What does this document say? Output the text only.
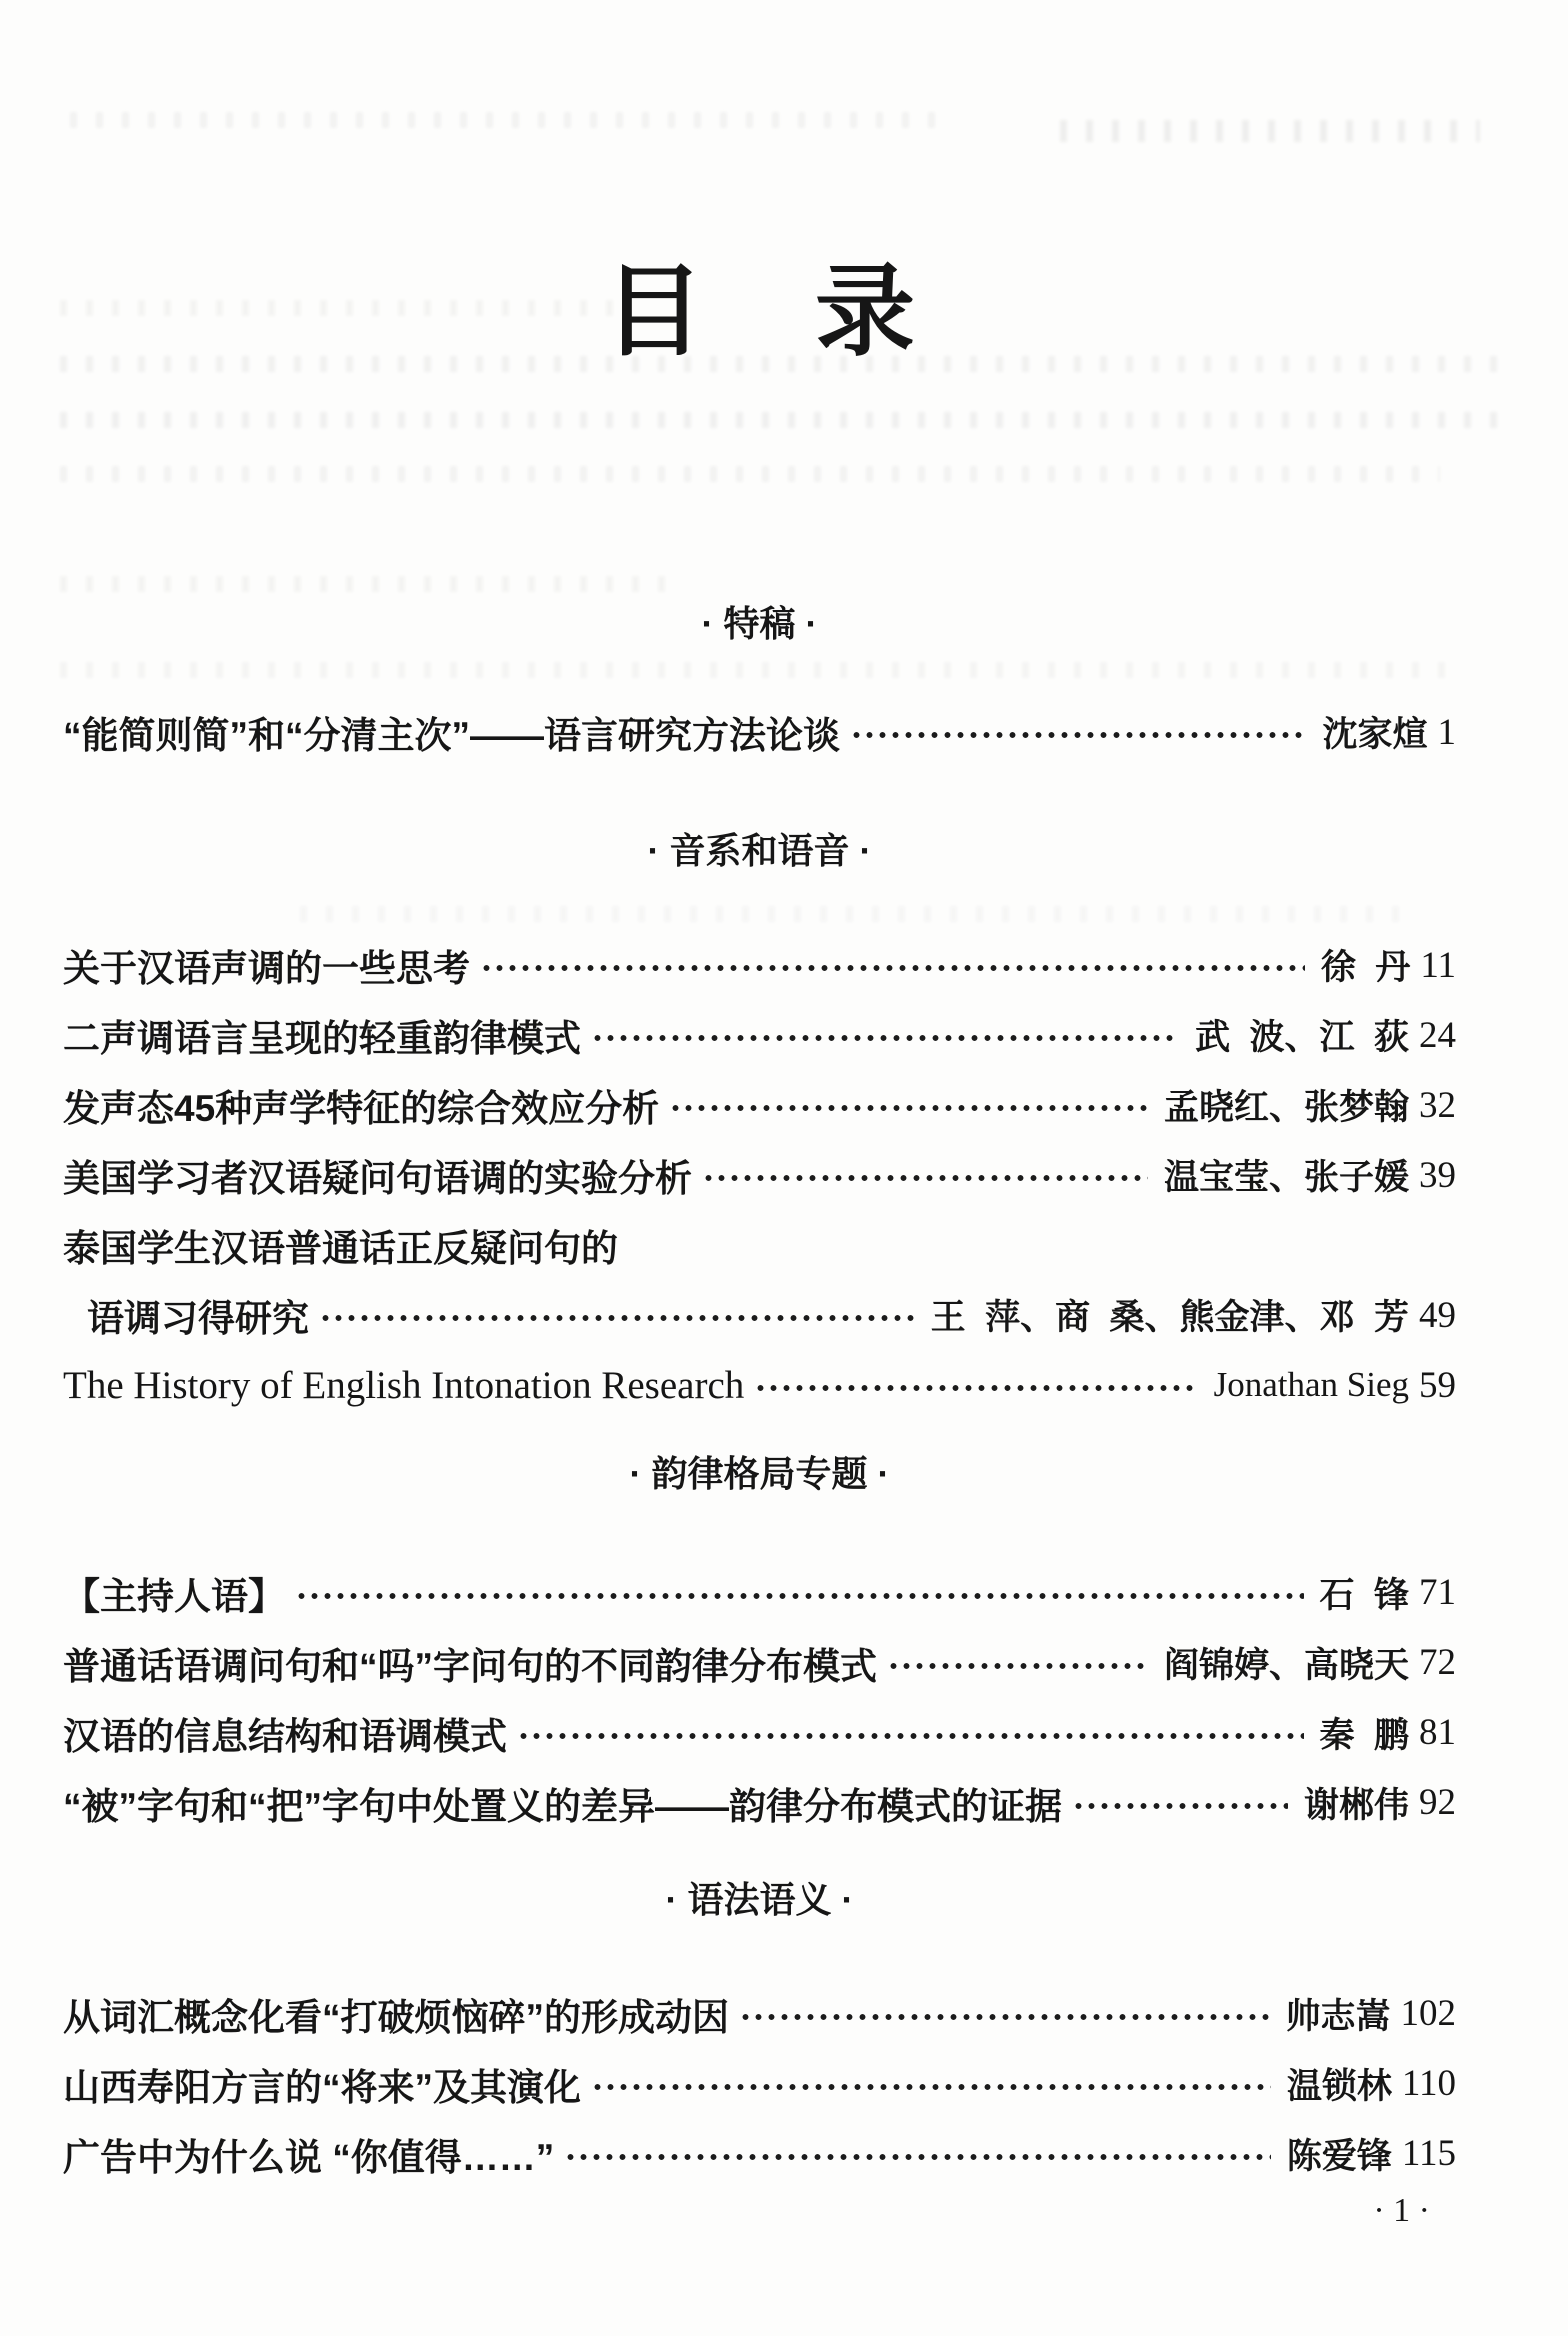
目    录
· 特稿 ·
“能简则简”和“分清主次”——语言研究方法论谈	沈家煊 1
· 音系和语音 ·
关于汉语声调的一些思考	徐  丹 11
二声调语言呈现的轻重韵律模式	武  波、江  荻 24
发声态45种声学特征的综合效应分析	孟晓红、张梦翰 32
美国学习者汉语疑问句语调的实验分析	温宝莹、张子媛 39
泰国学生汉语普通话正反疑问句的
语调习得研究	王  萍、商  桑、熊金津、邓  芳 49
The History of English Intonation Research	Jonathan Sieg 59
· 韵律格局专题 ·
【主持人语】	石  锋 71
普通话语调问句和“吗”字问句的不同韵律分布模式	阎锦婷、高晓天 72
汉语的信息结构和语调模式	秦  鹏 81
“被”字句和“把”字句中处置义的差异——韵律分布模式的证据	谢郴伟 92
· 语法语义 ·
从词汇概念化看“打破烦恼碎”的形成动因	帅志嵩 102
山西寿阳方言的“将来”及其演化	温锁林 110
广告中为什么说 “你值得……”	陈爱锋 115
· 1 ·
